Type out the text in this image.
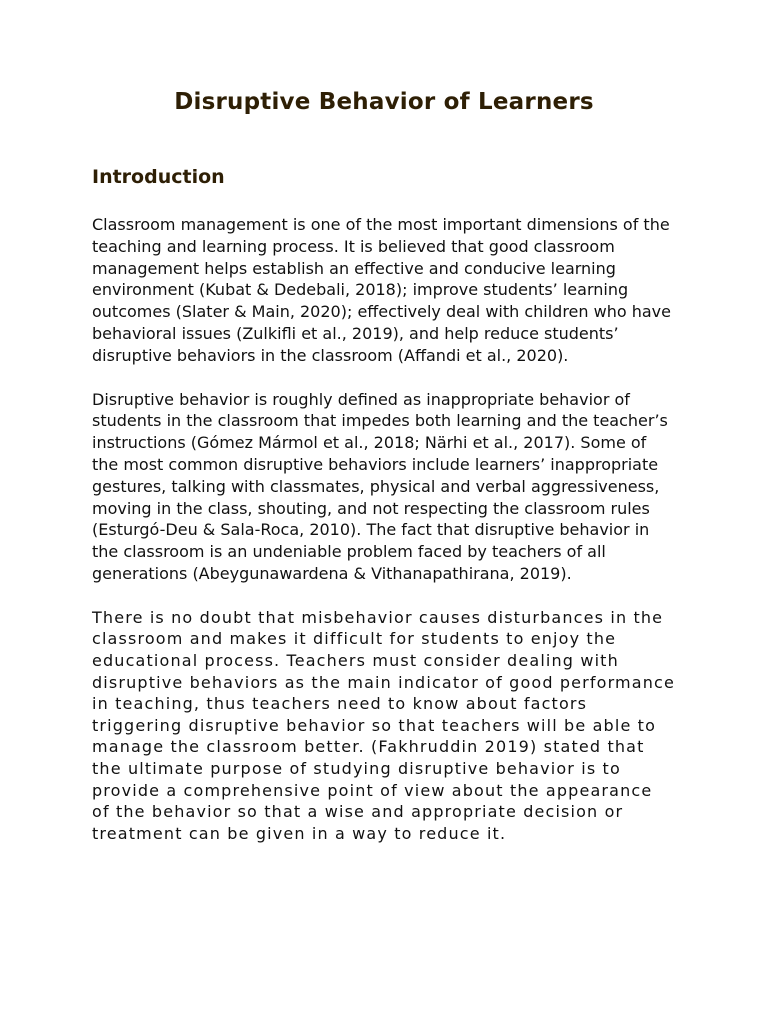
Disruptive Behavior of Learners
Introduction

Classroom management is one of the most important dimensions of the teaching and learning process. It is believed that good classroom management helps establish an effective and conducive learning environment (Kubat & Dedebali, 2018); improve students’ learning outcomes (Slater & Main, 2020); effectively deal with children who have behavioral issues (Zulkifli et al., 2019), and help reduce students’ disruptive behaviors in the classroom (Affandi et al., 2020).

Disruptive behavior is roughly defined as inappropriate behavior of students in the classroom that impedes both learning and the teacher’s instructions (Gómez Mármol et al., 2018; Närhi et al., 2017). Some of the most common disruptive behaviors include learners’ inappropriate gestures, talking with classmates, physical and verbal aggressiveness, moving in the class, shouting, and not respecting the classroom rules (Esturgó-Deu & Sala-Roca, 2010). The fact that disruptive behavior in the classroom is an undeniable problem faced by teachers of all generations (Abeygunawardena & Vithanapathirana, 2019).

There is no doubt that misbehavior causes disturbances in the classroom and makes it difficult for students to enjoy the educational process. Teachers must consider dealing with disruptive behaviors as the main indicator of good performance in teaching, thus teachers need to know about factors triggering disruptive behavior so that teachers will be able to manage the classroom better. (Fakhruddin 2019) stated that the ultimate purpose of studying disruptive behavior is to provide a comprehensive point of view about the appearance of the behavior so that a wise and appropriate decision or treatment can be given in a way to reduce it.
